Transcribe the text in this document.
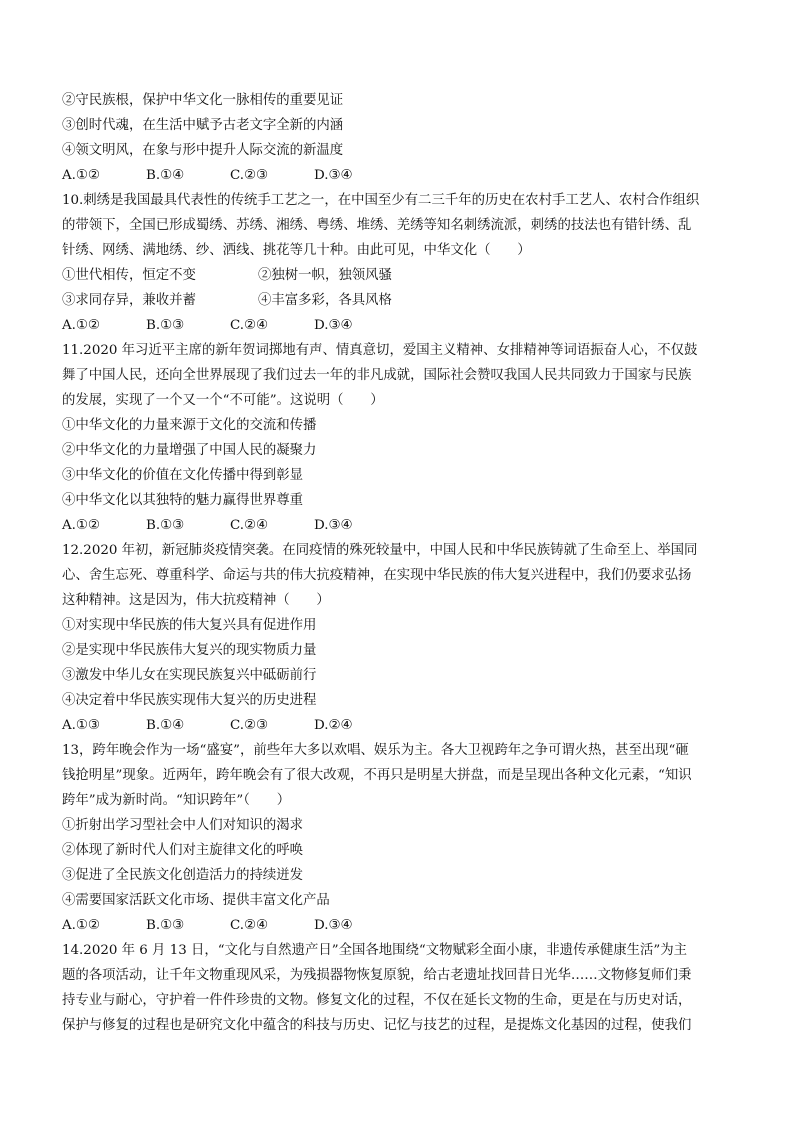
②守民族根，保护中华文化一脉相传的重要见证
③创时代魂，在生活中赋予古老文字全新的内涵
④领文明风，在象与形中提升人际交流的新温度
A.①②	B.①④	C.②③	D.③④
10.刺绣是我国最具代表性的传统手工艺之一，在中国至少有二三千年的历史在农村手工艺人、农村合作组织
的带领下，全国已形成蜀绣、苏绣、湘绣、粤绣、堆绣、羌绣等知名刺绣流派，刺绣的技法也有错针绣、乱
针绣、网绣、满地绣、纱、洒线、挑花等几十种。由此可见，中华文化（　　）
①世代相传，恒定不变	②独树一帜，独领风骚
③求同存异，兼收并蓄	④丰富多彩，各具风格
A.①②	B.①③	C.②④	D.③④
11.2020 年习近平主席的新年贺词掷地有声、情真意切，爱国主义精神、女排精神等词语振奋人心，不仅鼓
舞了中国人民，还向全世界展现了我们过去一年的非凡成就，国际社会赞叹我国人民共同致力于国家与民族
的发展，实现了一个又一个“不可能”。这说明（　　）
①中华文化的力量来源于文化的交流和传播
②中华文化的力量增强了中国人民的凝聚力
③中华文化的价值在文化传播中得到彰显
④中华文化以其独特的魅力赢得世界尊重
A.①②	B.①③	C.②④	D.③④
12.2020 年初，新冠肺炎疫情突袭。在同疫情的殊死较量中，中国人民和中华民族铸就了生命至上、举国同
心、舍生忘死、尊重科学、命运与共的伟大抗疫精神，在实现中华民族的伟大复兴进程中，我们仍要求弘扬
这种精神。这是因为，伟大抗疫精神（　　）
①对实现中华民族的伟大复兴具有促进作用
②是实现中华民族伟大复兴的现实物质力量
③激发中华儿女在实现民族复兴中砥砺前行
④决定着中华民族实现伟大复兴的历史进程
A.①③	B.①④	C.②③	D.②④
13，跨年晚会作为一场“盛宴”，前些年大多以欢唱、娱乐为主。各大卫视跨年之争可谓火热，甚至出现“砸
钱抢明星”现象。近两年，跨年晚会有了很大改观，不再只是明星大拼盘，而是呈现出各种文化元素，“知识
跨年”成为新时尚。“知识跨年”（　　）
①折射出学习型社会中人们对知识的渴求
②体现了新时代人们对主旋律文化的呼唤
③促进了全民族文化创造活力的持续迸发
④需要国家活跃文化市场、提供丰富文化产品
A.①②	B.①③	C.②④	D.③④
14.2020 年 6 月 13 日，“文化与自然遗产日”全国各地围绕“文物赋彩全面小康，非遗传承健康生活”为主
题的各项活动，让千年文物重现风采，为残损器物恢复原貌，给古老遗址找回昔日光华……文物修复师们秉
持专业与耐心，守护着一件件珍贵的文物。修复文化的过程，不仅在延长文物的生命，更是在与历史对话，
保护与修复的过程也是研究文化中蕴含的科技与历史、记忆与技艺的过程，是提炼文化基因的过程，使我们
